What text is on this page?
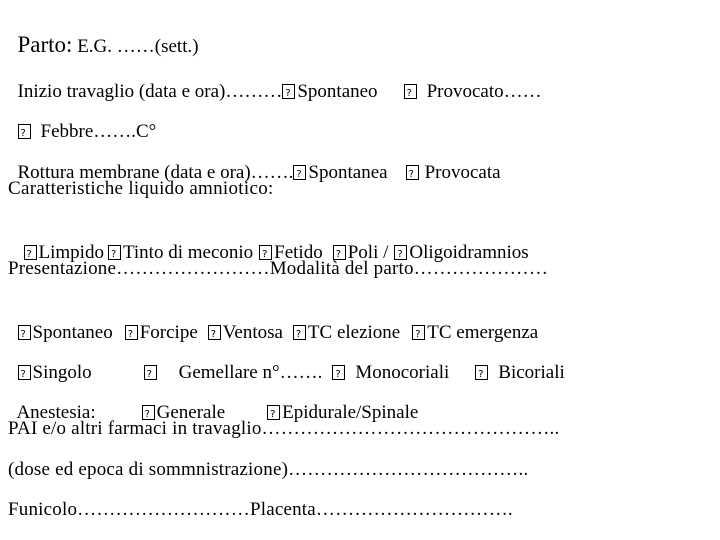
Parto: E.G. ……(sett.)

Inizio travaglio (data e ora)……… ? Spontaneo ?	Provocato……

?Febbre…….C°

Rottura membrane (data e ora)……. ? Spontanea ? Provocata

Caratteristiche liquido amniotico:

?Limpido ? Tinto di meconio ? Fetido ? Poli / ? Oligoidramnios

Presentazione……………………Modalità del parto…………………

?Spontaneo ? Forcipe ? Ventosa ? TC elezione ? TC emergenza

?Singolo ?	Gemellare n°……. ? Monocoriali ?	Bicoriali

Anestesia: ?	Generale ?	Epidurale/Spinale

PAI e/o altri farmaci in travaglio………………………………………..
(dose ed epoca di sommnistrazione)………………………………..
Funicolo………………………Placenta………………………….
